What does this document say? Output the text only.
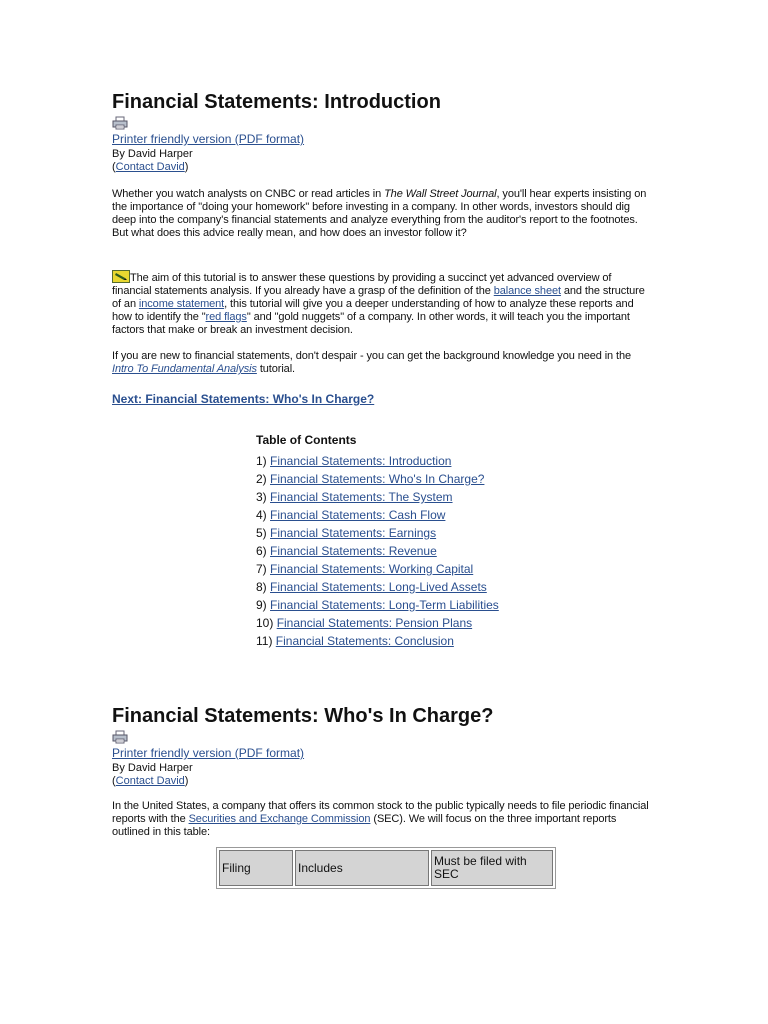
Financial Statements: Introduction
Printer friendly version (PDF format)
By David Harper
(Contact David)

Whether you watch analysts on CNBC or read articles in The Wall Street Journal, you'll hear experts insisting on the importance of "doing your homework" before investing in a company. In other words, investors should dig deep into the company's financial statements and analyze everything from the auditor's report to the footnotes. But what does this advice really mean, and how does an investor follow it?

The aim of this tutorial is to answer these questions by providing a succinct yet advanced overview of financial statements analysis. If you already have a grasp of the definition of the balance sheet and the structure of an income statement, this tutorial will give you a deeper understanding of how to analyze these reports and how to identify the "red flags" and "gold nuggets" of a company. In other words, it will teach you the important factors that make or break an investment decision.

If you are new to financial statements, don't despair - you can get the background knowledge you need in the Intro To Fundamental Analysis tutorial.

Next: Financial Statements: Who's In Charge?
Table of Contents
1) Financial Statements: Introduction
2) Financial Statements: Who's In Charge?
3) Financial Statements: The System
4) Financial Statements: Cash Flow
5) Financial Statements: Earnings
6) Financial Statements: Revenue
7) Financial Statements: Working Capital
8) Financial Statements: Long-Lived Assets
9) Financial Statements: Long-Term Liabilities
10) Financial Statements: Pension Plans
11) Financial Statements: Conclusion
Financial Statements: Who's In Charge?
Printer friendly version (PDF format)
By David Harper
(Contact David)

In the United States, a company that offers its common stock to the public typically needs to file periodic financial reports with the Securities and Exchange Commission (SEC). We will focus on the three important reports outlined in this table:

Filing	Includes	Must be filed with SEC
